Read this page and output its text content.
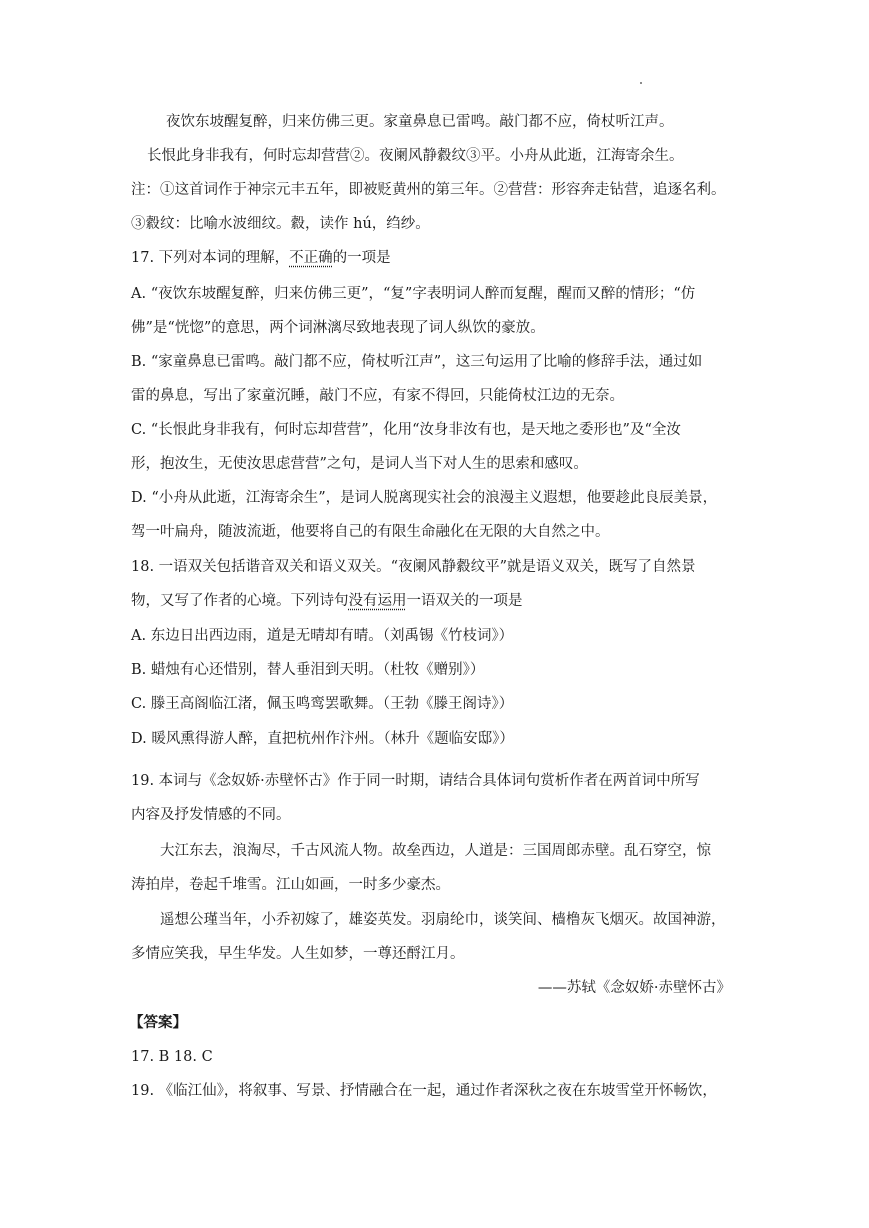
夜饮东坡醒复醉，归来仿佛三更。家童鼻息已雷鸣。敲门都不应，倚杖听江声。
长恨此身非我有，何时忘却营营②。夜阑风静縠纹③平。小舟从此逝，江海寄余生。
注：①这首词作于神宗元丰五年，即被贬黄州的第三年。②营营：形容奔走钻营，追逐名利。
③縠纹：比喻水波细纹。縠，读作 hú，绉纱。
17. 下列对本词的理解，不正确的一项是
A. “夜饮东坡醒复醉，归来仿佛三更”，“复”字表明词人醉而复醒，醒而又醉的情形；“仿
佛”是“恍惚”的意思，两个词淋漓尽致地表现了词人纵饮的豪放。
B. “家童鼻息已雷鸣。敲门都不应，倚杖听江声”，这三句运用了比喻的修辞手法，通过如
雷的鼻息，写出了家童沉睡，敲门不应，有家不得回，只能倚杖江边的无奈。
C. “长恨此身非我有，何时忘却营营”，化用“汝身非汝有也，是天地之委形也”及“全汝
形，抱汝生，无使汝思虑营营”之句，是词人当下对人生的思索和感叹。
D. “小舟从此逝，江海寄余生”，是词人脱离现实社会的浪漫主义遐想，他要趁此良辰美景，
驾一叶扁舟，随波流逝，他要将自己的有限生命融化在无限的大自然之中。
18. 一语双关包括谐音双关和语义双关。“夜阑风静縠纹平”就是语义双关，既写了自然景
物，又写了作者的心境。下列诗句没有运用一语双关的一项是
A. 东边日出西边雨，道是无晴却有晴。（刘禹锡《竹枝词》）
B. 蜡烛有心还惜别，替人垂泪到天明。（杜牧《赠别》）
C. 滕王高阁临江渚，佩玉鸣鸾罢歌舞。（王勃《滕王阁诗》）
D. 暖风熏得游人醉，直把杭州作汴州。（林升《题临安邸》）
19. 本词与《念奴娇·赤壁怀古》作于同一时期，请结合具体词句赏析作者在两首词中所写
内容及抒发情感的不同。
大江东去，浪淘尽，千古风流人物。故垒西边，人道是：三国周郎赤壁。乱石穿空，惊
涛拍岸，卷起千堆雪。江山如画，一时多少豪杰。
遥想公瑾当年，小乔初嫁了，雄姿英发。羽扇纶巾，谈笑间、樯橹灰飞烟灭。故国神游，
多情应笑我，早生华发。人生如梦，一尊还酹江月。
——苏轼《念奴娇·赤壁怀古》
【答案】
17. B 18. C
19. 《临江仙》，将叙事、写景、抒情融合在一起，通过作者深秋之夜在东坡雪堂开怀畅饮，
